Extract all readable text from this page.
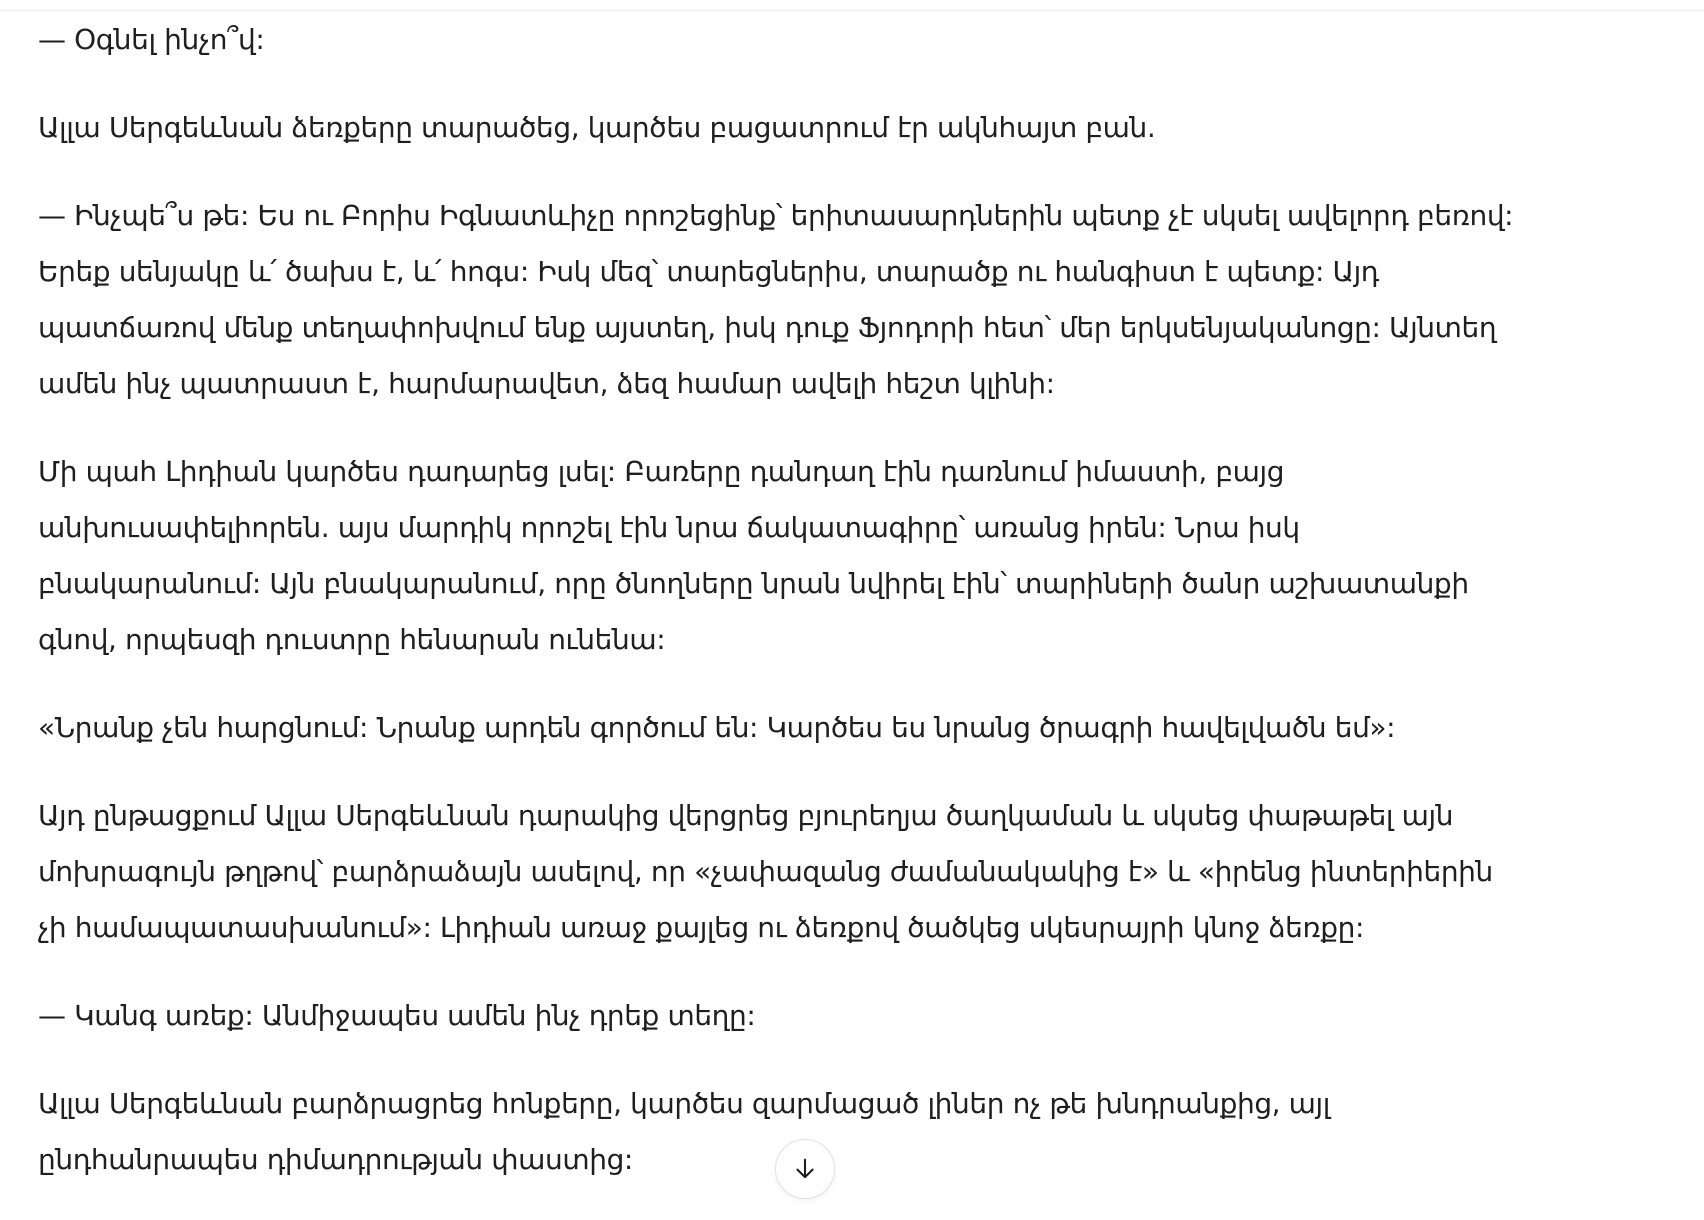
— Օգնել ինչո՞վ:

Ալլա Սերգեևնան ձեռքերը տարածեց, կարծես բացատրում էր ակնհայտ բան.

— Ինչպե՞ս թե: Ես ու Բորիս Իգնատևիչը որոշեցինք՝ երիտասարդներին պետք չէ սկսել ավելորդ բեռով:
Երեք սենյակը և՛ ծախս է, և՛ հոգս: Իսկ մեզ՝ տարեցներիս, տարածք ու հանգիստ է պետք: Այդ
պատճառով մենք տեղափոխվում ենք այստեղ, իսկ դուք Ֆյոդորի հետ՝ մեր երկսենյականոցը: Այնտեղ
ամեն ինչ պատրաստ է, հարմարավետ, ձեզ համար ավելի հեշտ կլինի:

Մի պահ Լիդիան կարծես դադարեց լսել: Բառերը դանդաղ էին դառնում իմաստի, բայց
անխուսափելիորեն. այս մարդիկ որոշել էին նրա ճակատագիրը՝ առանց իրեն: Նրա իսկ
բնակարանում: Այն բնակարանում, որը ծնողները նրան նվիրել էին՝ տարիների ծանր աշխատանքի
գնով, որպեսզի դուստրը հենարան ունենա:

«Նրանք չեն հարցնում: Նրանք արդեն գործում են: Կարծես ես նրանց ծրագրի հավելվածն եմ»:

Այդ ընթացքում Ալլա Սերգեևնան դարակից վերցրեց բյուրեղյա ծաղկաման և սկսեց փաթաթել այն
մոխրագույն թղթով՝ բարձրաձայն ասելով, որ «չափազանց ժամանակակից է» և «իրենց ինտերիերին
չի համապատասխանում»: Լիդիան առաջ քայլեց ու ձեռքով ծածկեց սկեսրայրի կնոջ ձեռքը:

— Կանգ առեք: Անմիջապես ամեն ինչ դրեք տեղը:

Ալլա Սերգեևնան բարձրացրեց հոնքերը, կարծես զարմացած լիներ ոչ թե խնդրանքից, այլ
ընդհանրապես դիմադրության փաստից:
